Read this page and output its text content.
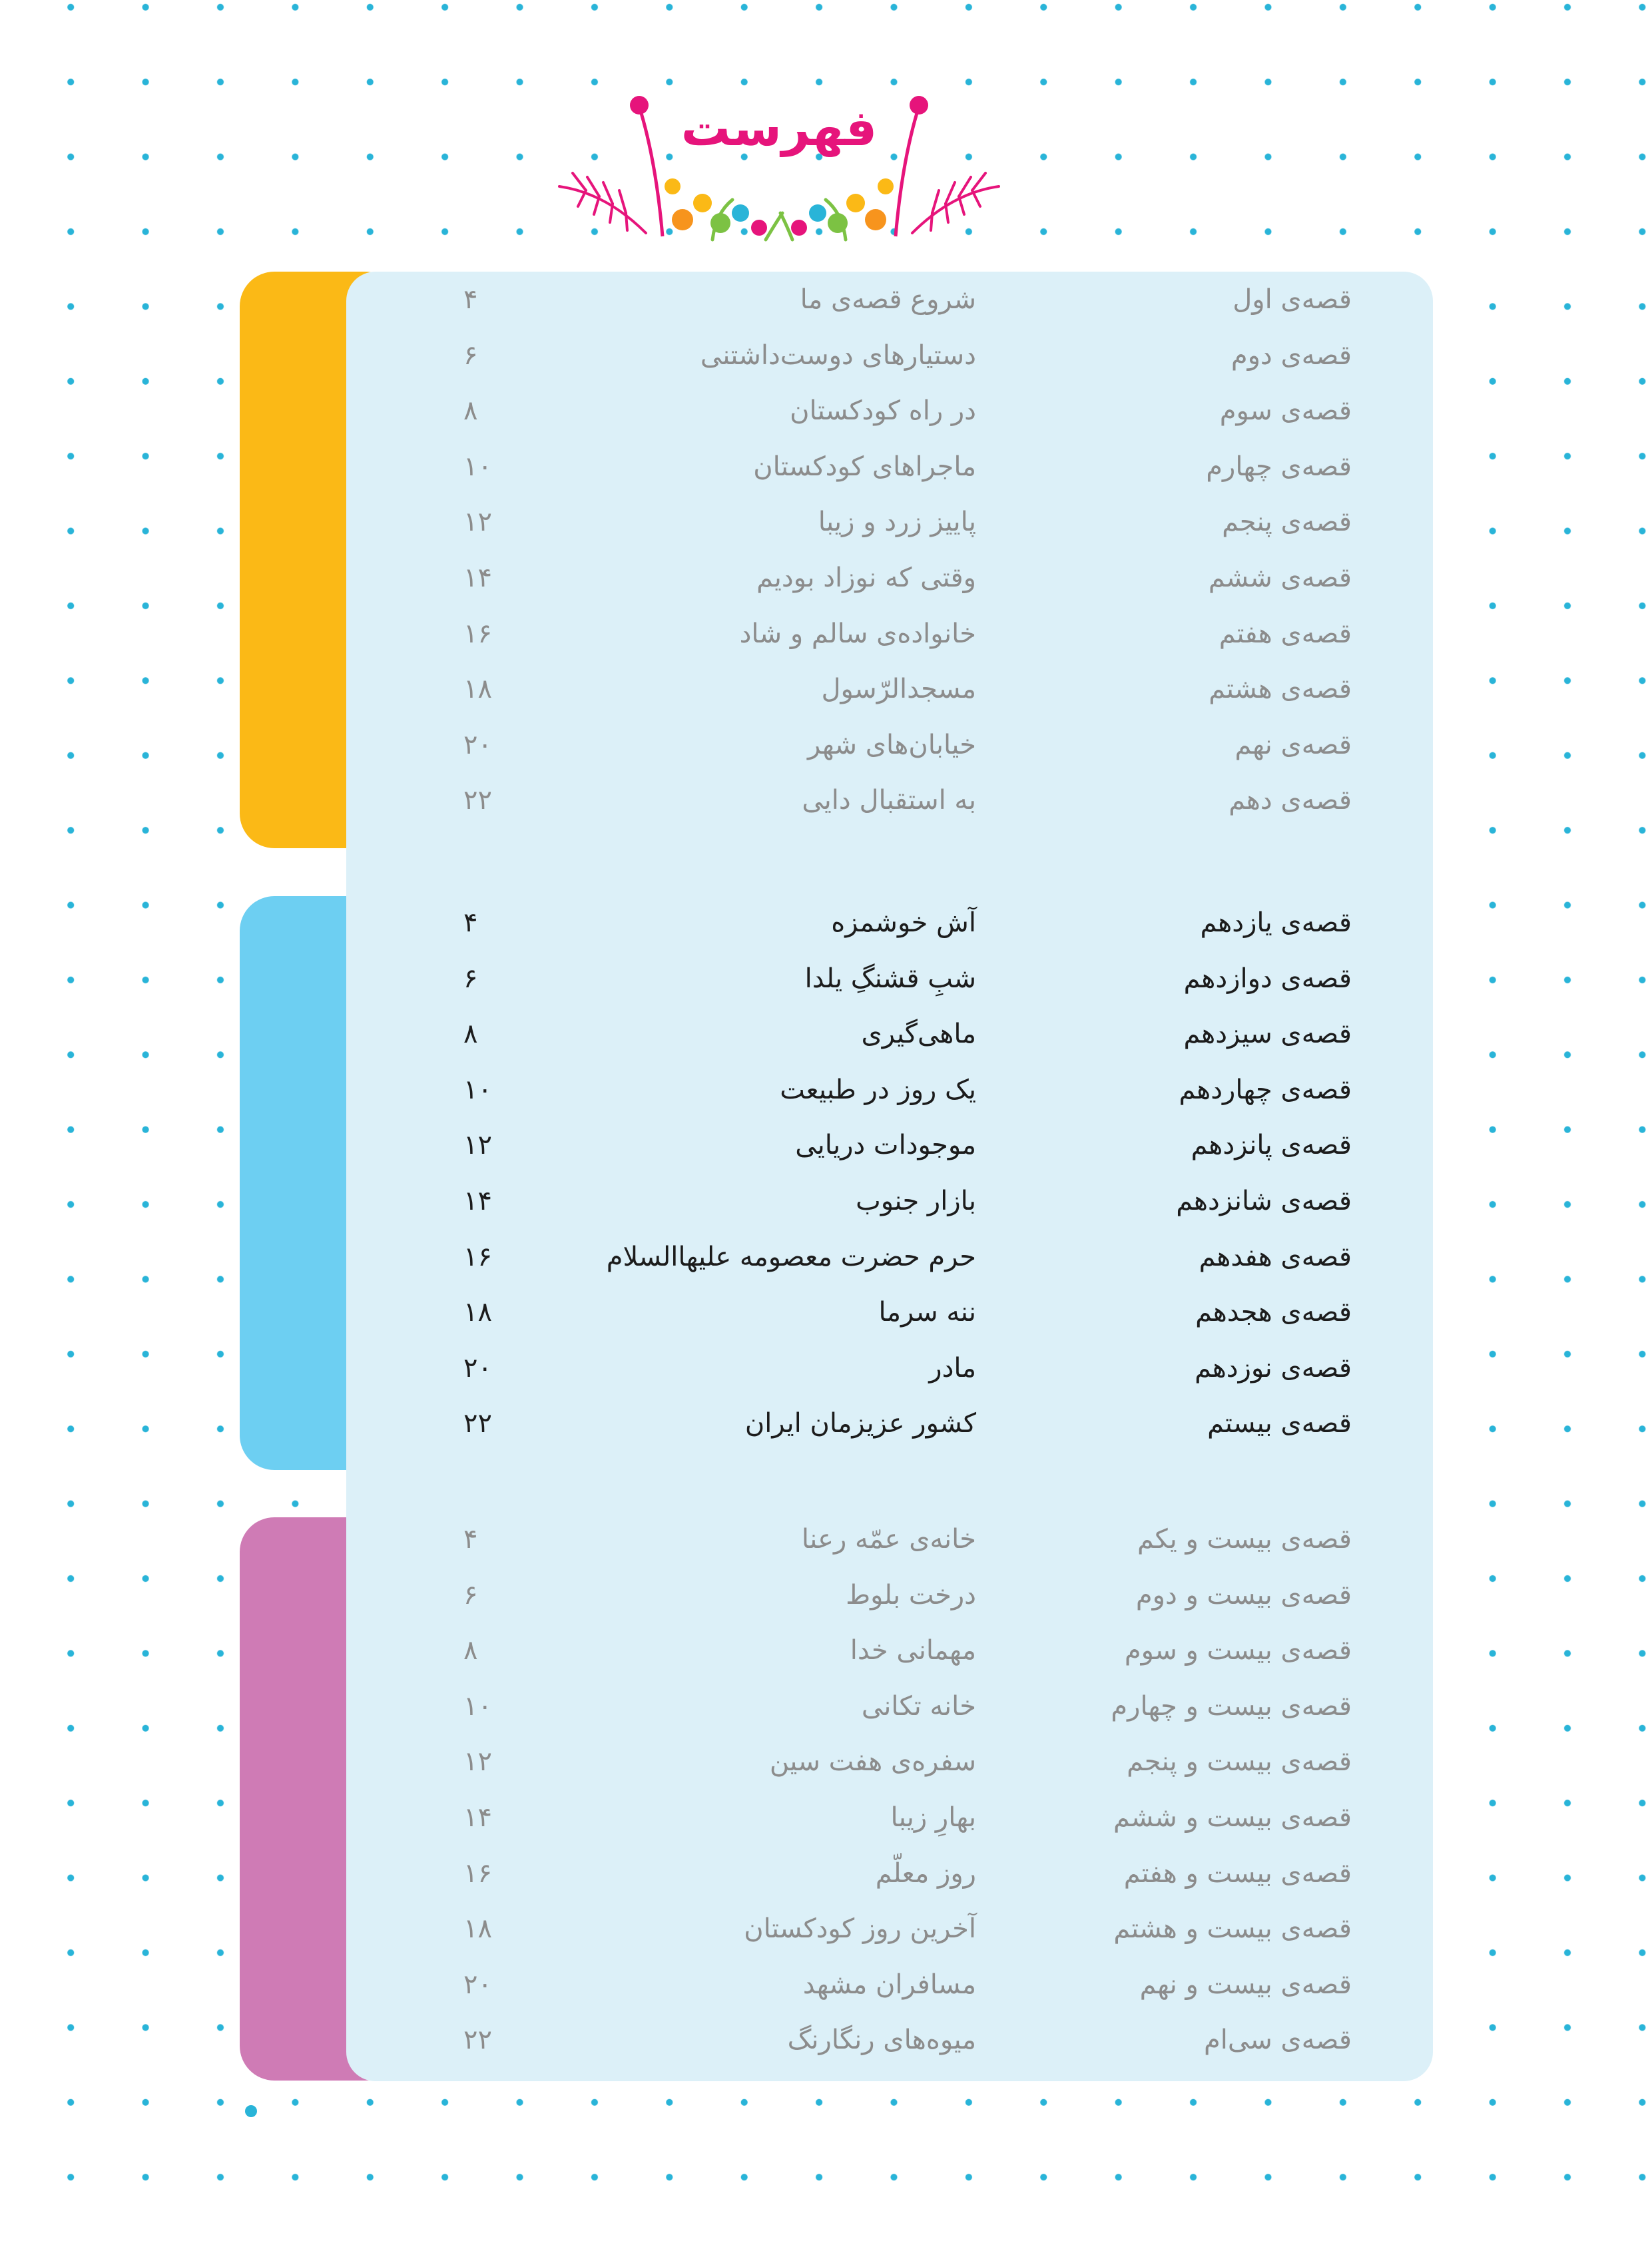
فهرست
قصه‌ی اول
شروع قصه‌ی ما
۴
قصه‌ی دوم
دستیارهای دوست‌داشتنی
۶
قصه‌ی سوم
در راه کودکستان
۸
قصه‌ی چهارم
ماجراهای کودکستان
۱۰
قصه‌ی پنجم
پاییز زرد و زیبا
۱۲
قصه‌ی ششم
وقتی که نوزاد بودیم
۱۴
قصه‌ی هفتم
خانواده‌ی سالم و شاد
۱۶
قصه‌ی هشتم
مسجدالرّسول
۱۸
قصه‌ی نهم
خیابان‌های شهر
۲۰
قصه‌ی دهم
به استقبال دایی
۲۲
قصه‌ی یازدهم
آش خوشمزه
۴
قصه‌ی دوازدهم
شبِ قشنگِ یلدا
۶
قصه‌ی سیزدهم
ماهی‌گیری
۸
قصه‌ی چهاردهم
یک روز در طبیعت
۱۰
قصه‌ی پانزدهم
موجودات دریایی
۱۲
قصه‌ی شانزدهم
بازار جنوب
۱۴
قصه‌ی هفدهم
حرم حضرت معصومه عليهاالسلام
۱۶
قصه‌ی هجدهم
ننه سرما
۱۸
قصه‌ی نوزدهم
مادر
۲۰
قصه‌ی بیستم
کشور عزیزمان ایران
۲۲
قصه‌ی بیست و یکم
خانه‌ی عمّه رعنا
۴
قصه‌ی بیست و دوم
درخت بلوط
۶
قصه‌ی بیست و سوم
مهمانی خدا
۸
قصه‌ی بیست و چهارم
خانه تکانی
۱۰
قصه‌ی بیست و پنجم
سفره‌ی هفت سین
۱۲
قصه‌ی بیست و ششم
بهارِ زیبا
۱۴
قصه‌ی بیست و هفتم
روز معلّم
۱۶
قصه‌ی بیست و هشتم
آخرین روز کودکستان
۱۸
قصه‌ی بیست و نهم
مسافران مشهد
۲۰
قصه‌ی سی‌ام
میوه‌های رنگارنگ
۲۲
